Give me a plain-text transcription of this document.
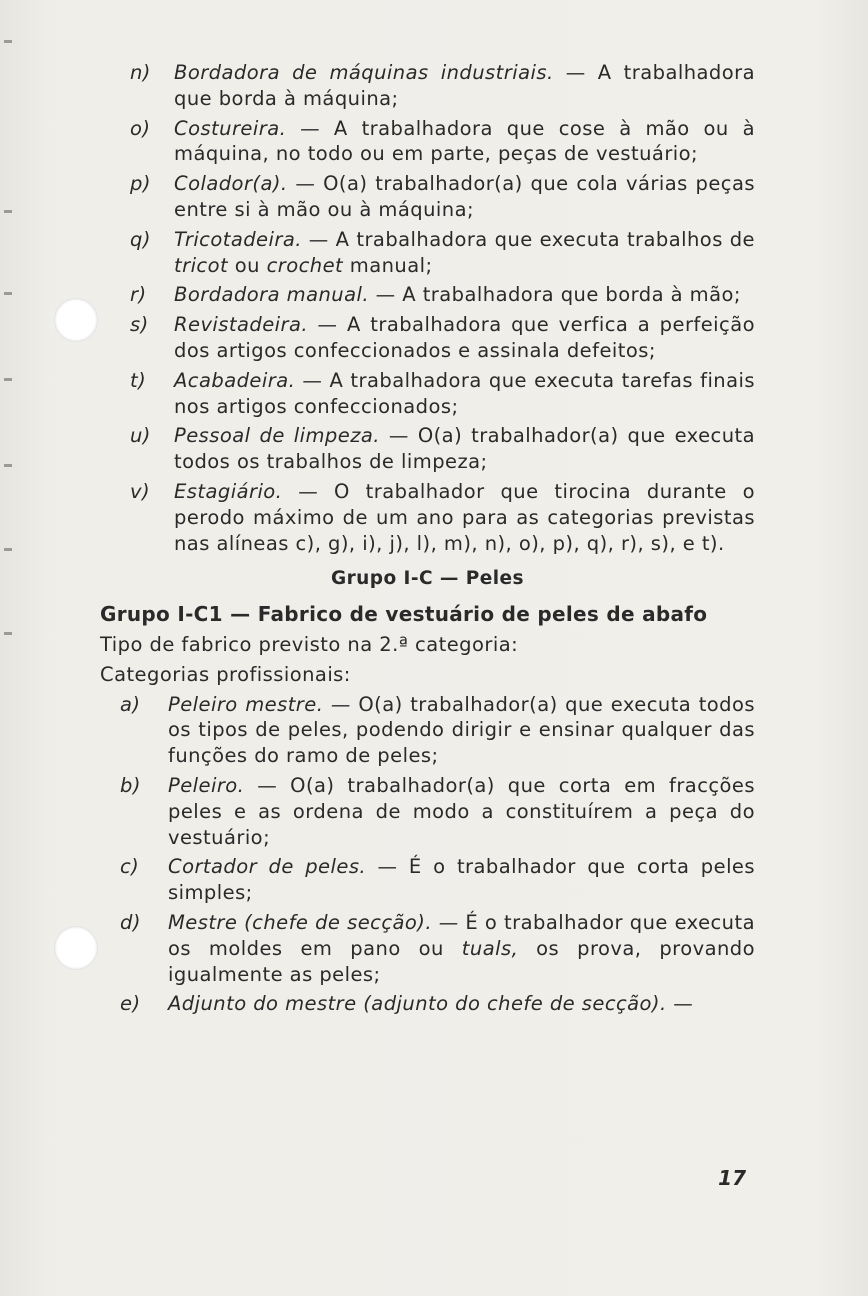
n)	Bordadora de máquinas industriais. — A trabalhadora que borda à máquina;
o)	Costureira. — A trabalhadora que cose à mão ou à máquina, no todo ou em parte, peças de vestuário;
p)	Colador(a). — O(a) trabalhador(a) que cola várias peças entre si à mão ou à máquina;
q)	Tricotadeira. — A trabalhadora que executa trabalhos de tricot ou crochet manual;
r)	Bordadora manual. — A trabalhadora que borda à mão;
s)	Revistadeira. — A trabalhadora que verfica a perfeição dos artigos confeccionados e assinala defeitos;
t)	Acabadeira. — A trabalhadora que executa tarefas finais nos artigos confeccionados;
u)	Pessoal de limpeza. — O(a) trabalhador(a) que executa todos os trabalhos de limpeza;
v)	Estagiário. — O trabalhador que tirocina durante o perodo máximo de um ano para as categorias previstas nas alíneas c), g), i), j), l), m), n), o), p), q), r), s), e t).
Grupo I-C — Peles
Grupo I-C1 — Fabrico de vestuário de peles de abafo
Tipo de fabrico previsto na 2.ª categoria:
Categorias profissionais:
a)	Peleiro mestre. — O(a) trabalhador(a) que executa todos os tipos de peles, podendo dirigir e ensinar qualquer das funções do ramo de peles;
b)	Peleiro. — O(a) trabalhador(a) que corta em fracções peles e as ordena de modo a constituírem a peça do vestuário;
c)	Cortador de peles. — É o trabalhador que corta peles simples;
d)	Mestre (chefe de secção). — É o trabalhador que executa os moldes em pano ou tuals, os prova, provando igualmente as peles;
e)	Adjunto do mestre (adjunto do chefe de secção). —
17
